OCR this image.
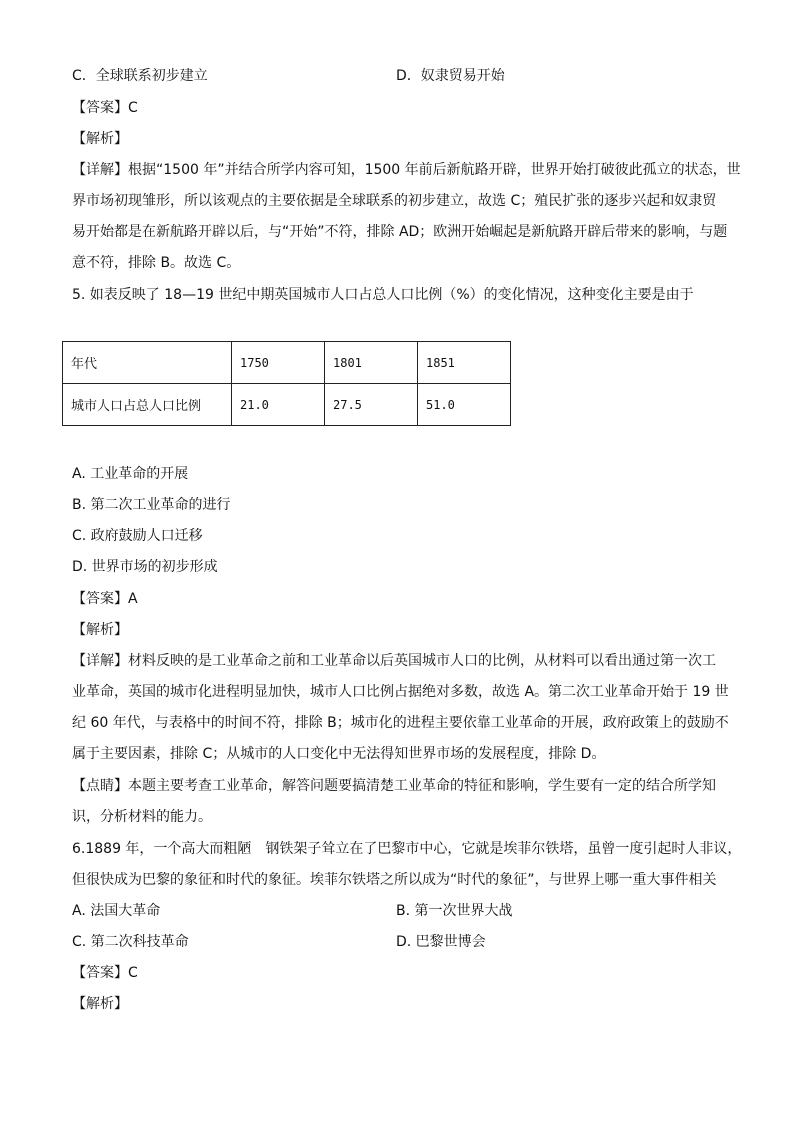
C．全球联系初步建立	D．奴隶贸易开始
【答案】C
【解析】
【详解】根据“1500 年”并结合所学内容可知，1500 年前后新航路开辟，世界开始打破彼此孤立的状态，世
界市场初现雏形，所以该观点的主要依据是全球联系的初步建立，故选 C；殖民扩张的逐步兴起和奴隶贸
易开始都是在新航路开辟以后，与“开始”不符，排除 AD；欧洲开始崛起是新航路开辟后带来的影响，与题
意不符，排除 B。故选 C。
5. 如表反映了 18—19 世纪中期英国城市人口占总人口比例（%）的变化情况，这种变化主要是由于
年代	1750	1801	1851
城市人口占总人口比例	21.0	27.5	51.0
A. 工业革命的开展
B. 第二次工业革命的进行
C. 政府鼓励人口迁移
D. 世界市场的初步形成
【答案】A
【解析】
【详解】材料反映的是工业革命之前和工业革命以后英国城市人口的比例，从材料可以看出通过第一次工
业革命，英国的城市化进程明显加快，城市人口比例占据绝对多数，故选 A。第二次工业革命开始于 19 世
纪 60 年代，与表格中的时间不符，排除 B；城市化的进程主要依靠工业革命的开展，政府政策上的鼓励不
属于主要因素，排除 C；从城市的人口变化中无法得知世界市场的发展程度，排除 D。
【点睛】本题主要考查工业革命，解答问题要搞清楚工业革命的特征和影响，学生要有一定的结合所学知
识，分析材料的能力。
6.1889 年，一个高大而粗陋　钢铁架子耸立在了巴黎市中心，它就是埃菲尔铁塔，虽曾一度引起时人非议，
但很快成为巴黎的象征和时代的象征。埃菲尔铁塔之所以成为“时代的象征”，与世界上哪一重大事件相关
A. 法国大革命	B. 第一次世界大战
C. 第二次科技革命	D. 巴黎世博会
【答案】C
【解析】
